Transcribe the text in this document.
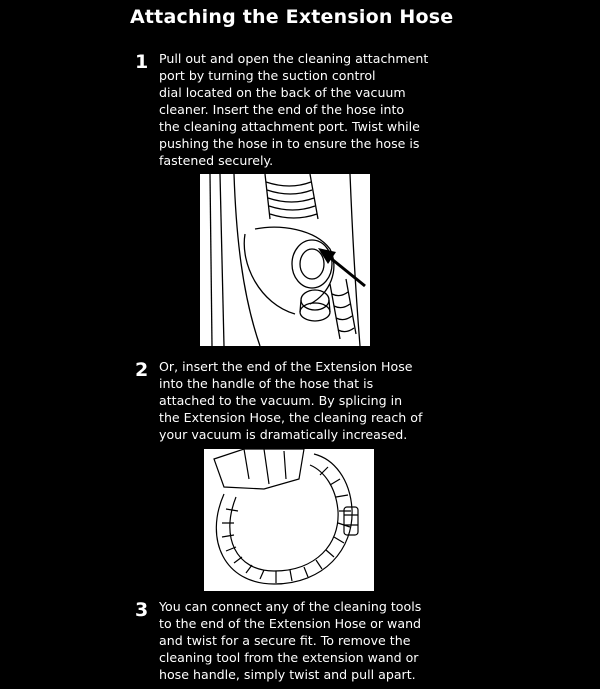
Attaching the Extension Hose
1 Pull out and open the cleaning attachment
port by turning the suction control
dial located on the back of the vacuum
cleaner. Insert the end of the hose into
the cleaning attachment port. Twist while
pushing the hose in to ensure the hose is
fastened securely.
2 Or, insert the end of the Extension Hose
into the handle of the hose that is
attached to the vacuum. By splicing in
the Extension Hose, the cleaning reach of
your vacuum is dramatically increased.
3 You can connect any of the cleaning tools
to the end of the Extension Hose or wand
and twist for a secure fit. To remove the
cleaning tool from the extension wand or
hose handle, simply twist and pull apart.
